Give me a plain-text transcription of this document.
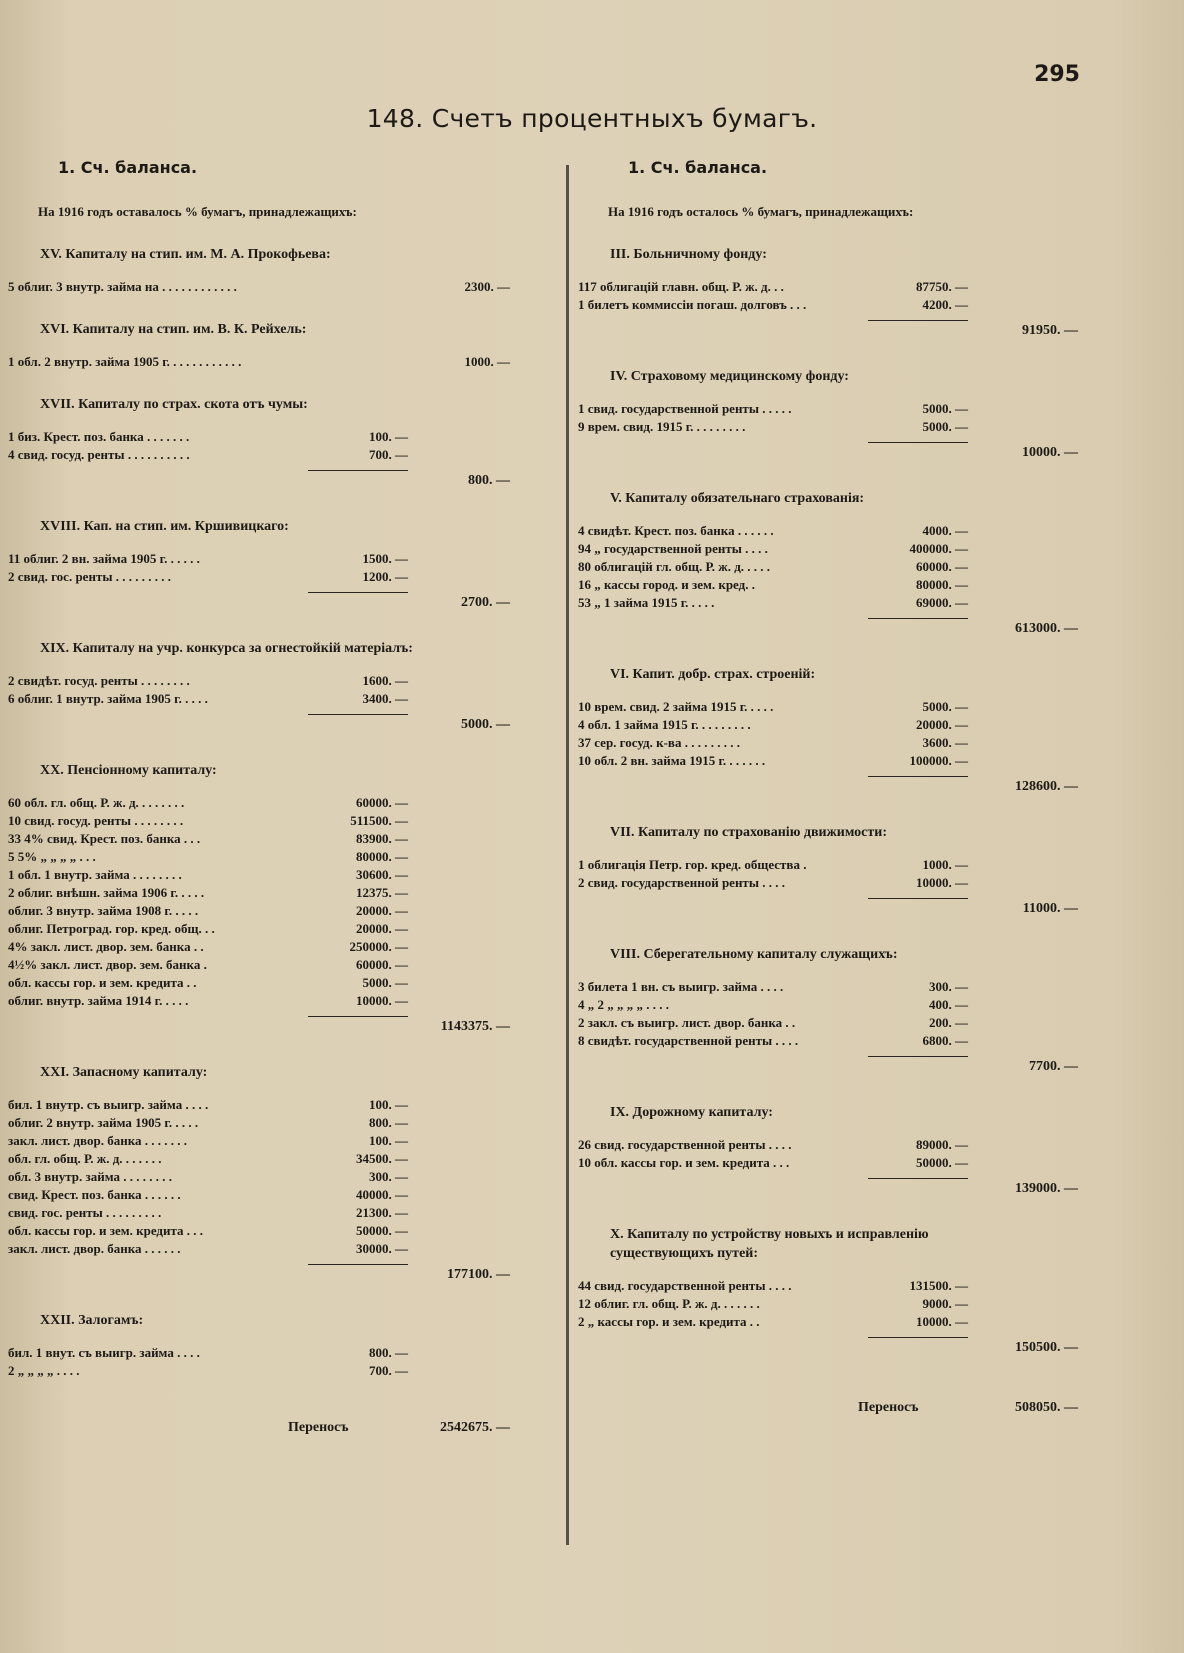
295
148. Счетъ процентныхъ бумагъ.
1. Сч. баланса.
На 1916 годъ оставалось % бумагъ, принадлежащихъ:
XV. Капиталу на стип. им. М. А. Прокофьева:
5 облиг. 3 внутр. займа на . . . . . . . . . . . .	2300. —
XVI. Капиталу на стип. им. В. К. Рейхель:
1 обл. 2 внутр. займа 1905 г. . . . . . . . . . . .	1000. —
XVII. Капиталу по страх. скота отъ чумы:
1 биз. Крест. поз. банка . . . . . . .	100. —
4 свид. госуд. ренты . . . . . . . . . .	700. —
800. —
XVIII. Кап. на стип. им. Кршивицкаго:
11 облиг. 2 вн. займа 1905 г. . . . . .	1500. —
2 свид. гос. ренты . . . . . . . . .	1200. —
2700. —
XIX. Капиталу на учр. конкурса за огнестойкій матеріалъ:
2 свидѣт. госуд. ренты . . . . . . . .	1600. —
6 облиг. 1 внутр. займа 1905 г. . . . .	3400. —
5000. —
XX. Пенсіонному капиталу:
60 обл. гл. общ. Р. ж. д. . . . . . . .	60000. —
10 свид. госуд. ренты . . . . . . . .	511500. —
33 4% свид. Крест. поз. банка . . .	83900. —
5 5% „ „ „ „ . . .	80000. —
1 обл. 1 внутр. займа . . . . . . . .	30600. —
2 облиг. внѣшн. займа 1906 г. . . . .	12375. —
облиг. 3 внутр. займа 1908 г. . . . .	20000. —
облиг. Петроград. гор. кред. общ. . .	20000. —
4% закл. лист. двор. зем. банка . .	250000. —
4½% закл. лист. двор. зем. банка .	60000. —
обл. кассы гор. и зем. кредита . .	5000. —
облиг. внутр. займа 1914 г. . . . .	10000. —
1143375. —
XXI. Запасному капиталу:
бил. 1 внутр. съ выигр. займа . . . .	100. —
облиг. 2 внутр. займа 1905 г. . . . .	800. —
закл. лист. двор. банка . . . . . . .	100. —
обл. гл. общ. Р. ж. д. . . . . . .	34500. —
обл. 3 внутр. займа . . . . . . . .	300. —
свид. Крест. поз. банка . . . . . .	40000. —
свид. гос. ренты . . . . . . . . .	21300. —
обл. кассы гор. и зем. кредита . . .	50000. —
закл. лист. двор. банка . . . . . .	30000. —
177100. —
XXII. Залогамъ:
бил. 1 внут. съ выигр. займа . . . .	800. —
2 „ „ „ „ . . . .	700. —
Переносъ	2542675. —
1. Сч. баланса.
На 1916 годъ осталось % бумагъ, принадлежащихъ:
III. Больничному фонду:
117 облигацій главн. общ. Р. ж. д. . .	87750. —
1 билетъ коммиссіи погаш. долговъ . . .	4200. —
91950. —
IV. Страховому медицинскому фонду:
1 свид. государственной ренты . . . . .	5000. —
9 врем. свид. 1915 г. . . . . . . . .	5000. —
10000. —
V. Капиталу обязательнаго страхованія:
4 свидѣт. Крест. поз. банка . . . . . .	4000. —
94 „ государственной ренты . . . .	400000. —
80 облигацій гл. общ. Р. ж. д. . . . .	60000. —
16 „ кассы город. и зем. кред. .	80000. —
53 „ 1 займа 1915 г. . . . .	69000. —
613000. —
VI. Капит. добр. страх. строеній:
10 врем. свид. 2 займа 1915 г. . . . .	5000. —
4 обл. 1 займа 1915 г. . . . . . . . .	20000. —
37 сер. госуд. к-ва . . . . . . . . .	3600. —
10 обл. 2 вн. займа 1915 г. . . . . . .	100000. —
128600. —
VII. Капиталу по страхованію движимости:
1 облигація Петр. гор. кред. общества .	1000. —
2 свид. государственной ренты . . . .	10000. —
11000. —
VIII. Сберегательному капиталу служащихъ:
3 билета 1 вн. съ выигр. займа . . . .	300. —
4 „ 2 „ „ „ „ . . . .	400. —
2 закл. съ выигр. лист. двор. банка . .	200. —
8 свидѣт. государственной ренты . . . .	6800. —
7700. —
IX. Дорожному капиталу:
26 свид. государственной ренты . . . .	89000. —
10 обл. кассы гор. и зем. кредита . . .	50000. —
139000. —
X. Капиталу по устройству новыхъ и исправленію существующихъ путей:
44 свид. государственной ренты . . . .	131500. —
12 облиг. гл. общ. Р. ж. д. . . . . . .	9000. —
2 „ кассы гор. и зем. кредита . .	10000. —
150500. —
Переносъ	508050. —
